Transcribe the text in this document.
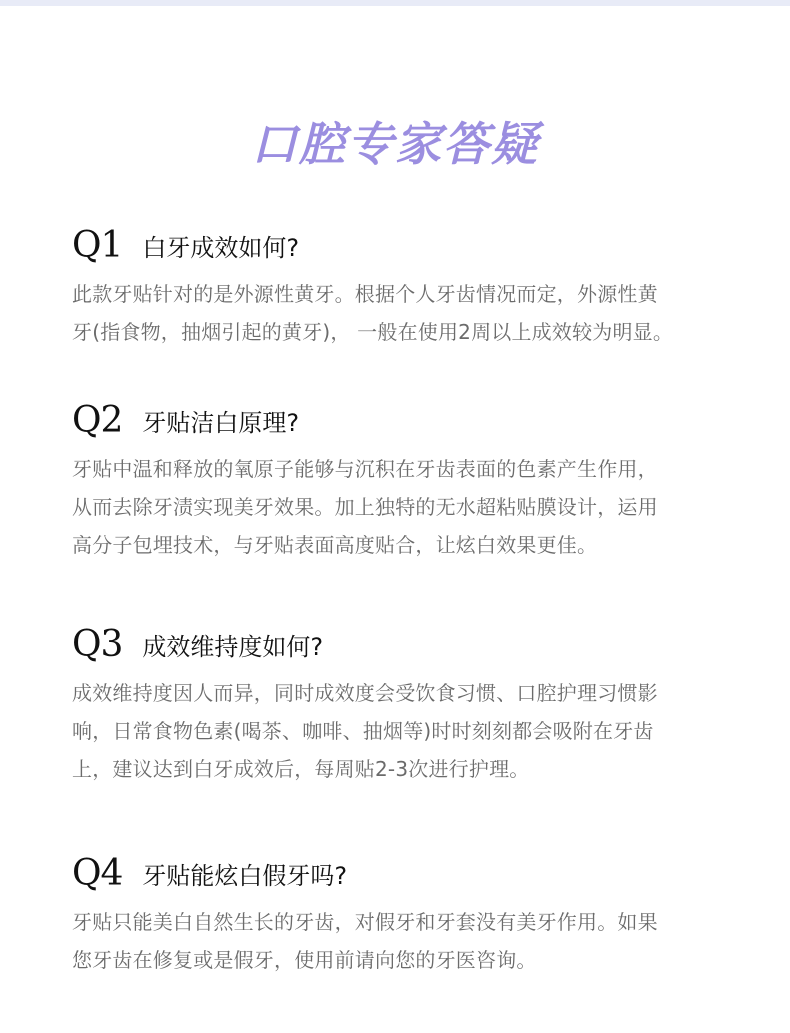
口腔专家答疑
Q1 白牙成效如何?
此款牙贴针对的是外源性黄牙。根据个人牙齿情况而定，外源性黄
牙(指食物，抽烟引起的黄牙)， 一般在使用2周以上成效较为明显。
Q2 牙贴洁白原理?
牙贴中温和释放的氧原子能够与沉积在牙齿表面的色素产生作用，
从而去除牙渍实现美牙效果。加上独特的无水超粘贴膜设计，运用
高分子包埋技术，与牙贴表面高度贴合，让炫白效果更佳。
Q3 成效维持度如何?
成效维持度因人而异，同时成效度会受饮食习惯、口腔护理习惯影
响，日常食物色素(喝茶、咖啡、抽烟等)时时刻刻都会吸附在牙齿
上，建议达到白牙成效后，每周贴2-3次进行护理。
Q4 牙贴能炫白假牙吗?
牙贴只能美白自然生长的牙齿，对假牙和牙套没有美牙作用。如果
您牙齿在修复或是假牙，使用前请向您的牙医咨询。
